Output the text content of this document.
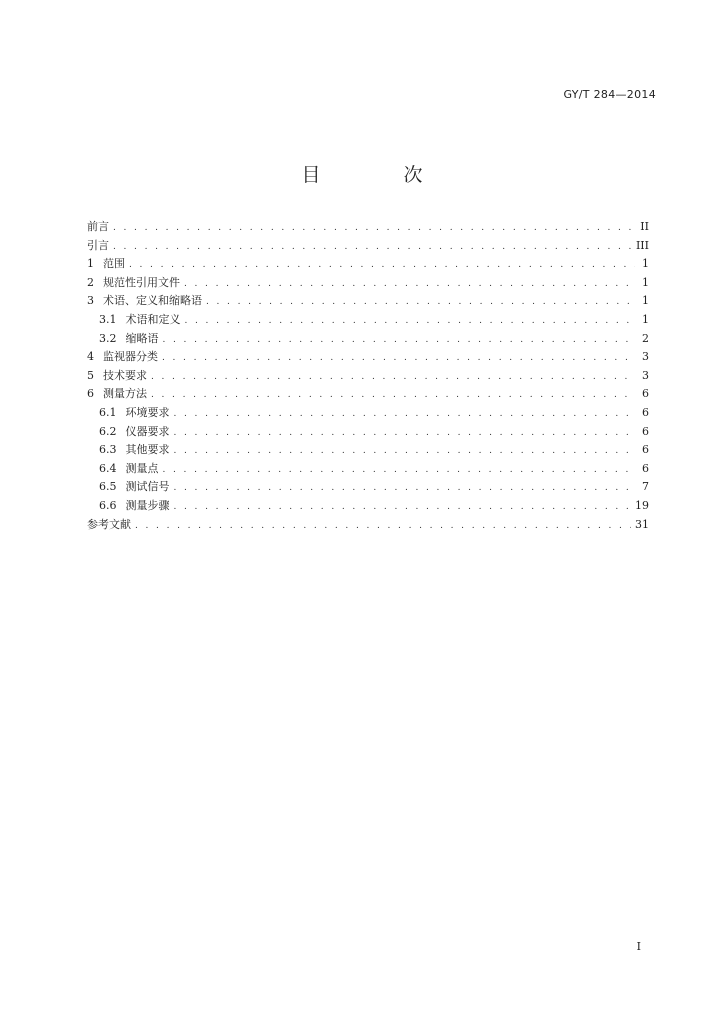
GY/T 284—2014
目　次
前言 . . .	II
引言 . . .	III
1 范围 . . .	1
2 规范性引用文件 . . .	1
3 术语、定义和缩略语 . . .	1
3.1 术语和定义 . . .	1
3.2 缩略语 . . .	2
4 监视器分类 . . .	3
5 技术要求 . . .	3
6 测量方法 . . .	6
6.1 环境要求 . . .	6
6.2 仪器要求 . . .	6
6.3 其他要求 . . .	6
6.4 测量点 . . .	6
6.5 测试信号 . . .	7
6.6 测量步骤 . . .	19
参考文献 . . .	31
I
